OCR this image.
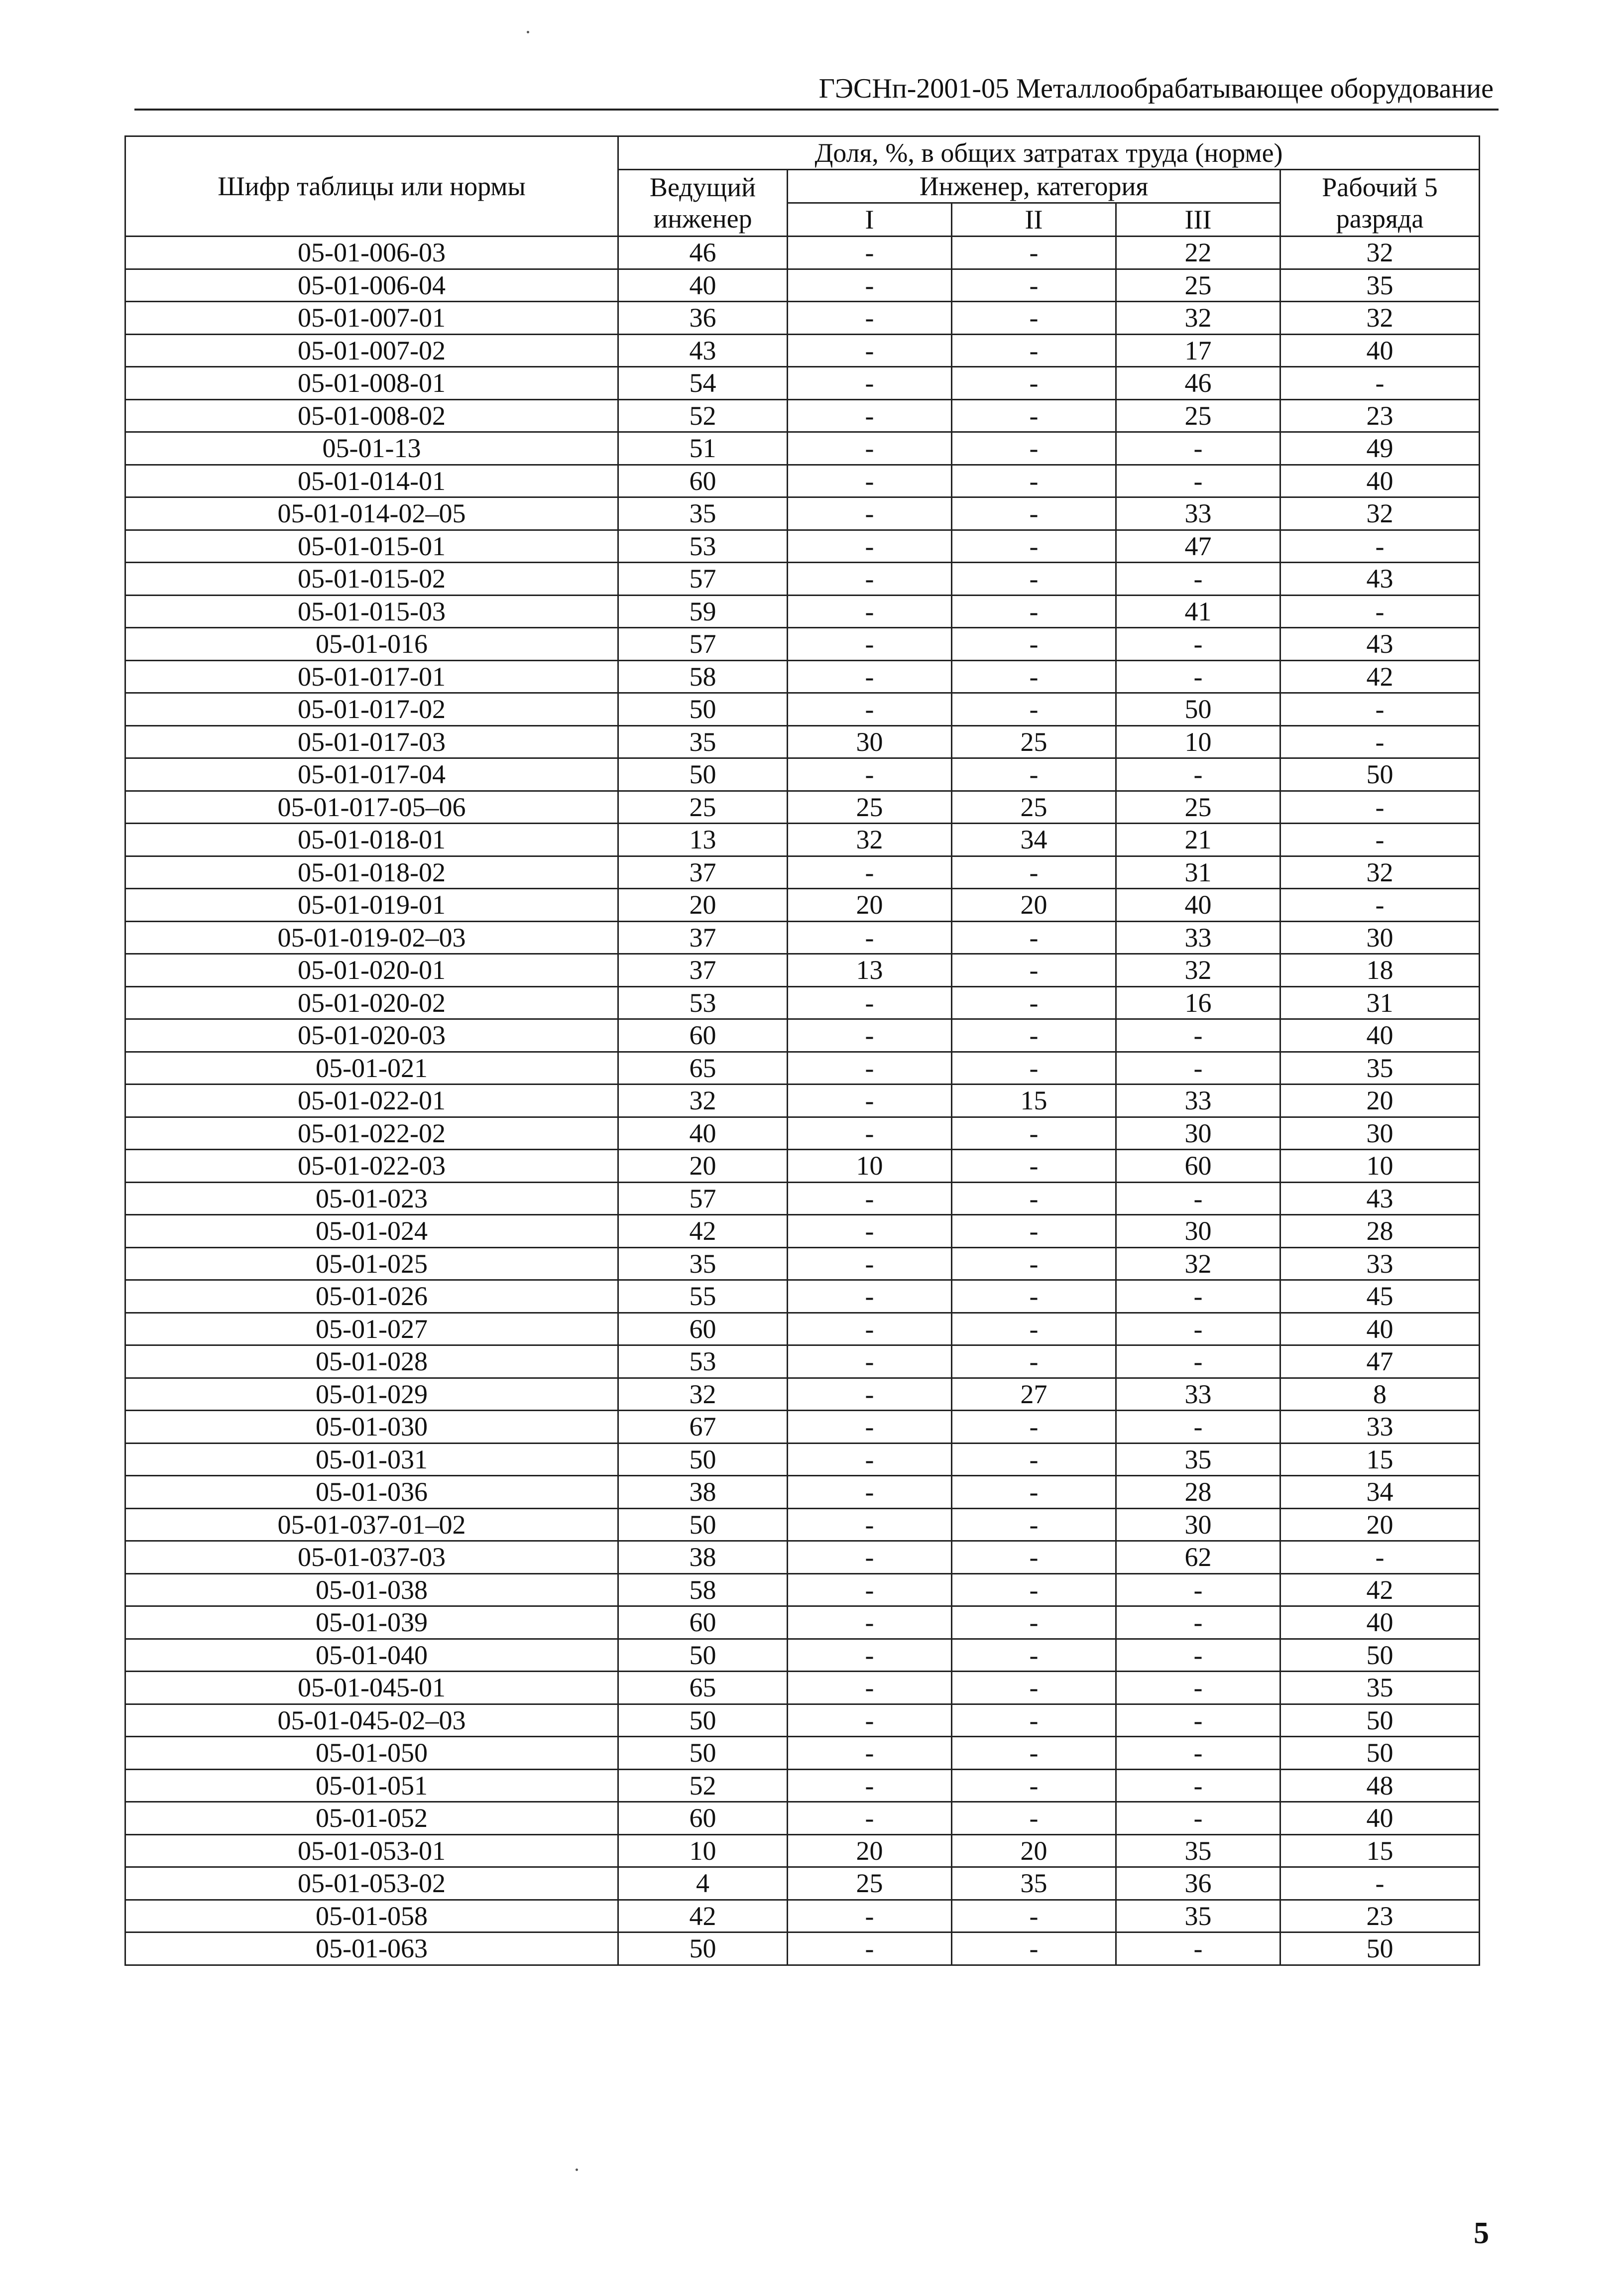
ГЭСНп-2001-05 Металлообрабатывающее оборудование
Шифр таблицы или нормы	Доля, %, в общих затратах труда (норме)				
	Ведущий инженер	Инженер, категория			Рабочий 5 разряда
		I	II	III	
05-01-006-03	46	-	-	22	32
05-01-006-04	40	-	-	25	35
05-01-007-01	36	-	-	32	32
05-01-007-02	43	-	-	17	40
05-01-008-01	54	-	-	46	-
05-01-008-02	52	-	-	25	23
05-01-13	51	-	-	-	49
05-01-014-01	60	-	-	-	40
05-01-014-02–05	35	-	-	33	32
05-01-015-01	53	-	-	47	-
05-01-015-02	57	-	-	-	43
05-01-015-03	59	-	-	41	-
05-01-016	57	-	-	-	43
05-01-017-01	58	-	-	-	42
05-01-017-02	50	-	-	50	-
05-01-017-03	35	30	25	10	-
05-01-017-04	50	-	-	-	50
05-01-017-05–06	25	25	25	25	-
05-01-018-01	13	32	34	21	-
05-01-018-02	37	-	-	31	32
05-01-019-01	20	20	20	40	-
05-01-019-02–03	37	-	-	33	30
05-01-020-01	37	13	-	32	18
05-01-020-02	53	-	-	16	31
05-01-020-03	60	-	-	-	40
05-01-021	65	-	-	-	35
05-01-022-01	32	-	15	33	20
05-01-022-02	40	-	-	30	30
05-01-022-03	20	10	-	60	10
05-01-023	57	-	-	-	43
05-01-024	42	-	-	30	28
05-01-025	35	-	-	32	33
05-01-026	55	-	-	-	45
05-01-027	60	-	-	-	40
05-01-028	53	-	-	-	47
05-01-029	32	-	27	33	8
05-01-030	67	-	-	-	33
05-01-031	50	-	-	35	15
05-01-036	38	-	-	28	34
05-01-037-01–02	50	-	-	30	20
05-01-037-03	38	-	-	62	-
05-01-038	58	-	-	-	42
05-01-039	60	-	-	-	40
05-01-040	50	-	-	-	50
05-01-045-01	65	-	-	-	35
05-01-045-02–03	50	-	-	-	50
05-01-050	50	-	-	-	50
05-01-051	52	-	-	-	48
05-01-052	60	-	-	-	40
05-01-053-01	10	20	20	35	15
05-01-053-02	4	25	35	36	-
05-01-058	42	-	-	35	23
05-01-063	50	-	-	-	50
5
